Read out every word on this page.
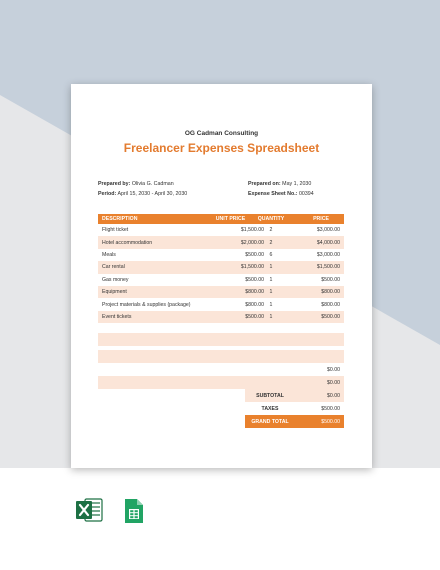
OG Cadman Consulting
Freelancer Expenses Spreadsheet
Prepared by: Olivia G. Cadman
Period: April 15, 2030 - April 30, 2030
Prepared on: May 1, 2030
Expense Sheet No.: 00394
DESCRIPTION	UNIT PRICE	QUANTITY	PRICE
Flight ticket	$1,500.00	2	$3,000.00
Hotel accommodation	$2,000.00	2	$4,000.00
Meals	$500.00	6	$3,000.00
Car rental	$1,500.00	1	$1,500.00
Gas money	$500.00	1	$500.00
Equipment	$800.00	1	$800.00
Project materials & supplies (package)	$800.00	1	$800.00
Event tickets	$500.00	1	$500.00
$0.00
$0.00
SUBTOTAL	$0.00
TAXES	$500.00
GRAND TOTAL	$500.00
